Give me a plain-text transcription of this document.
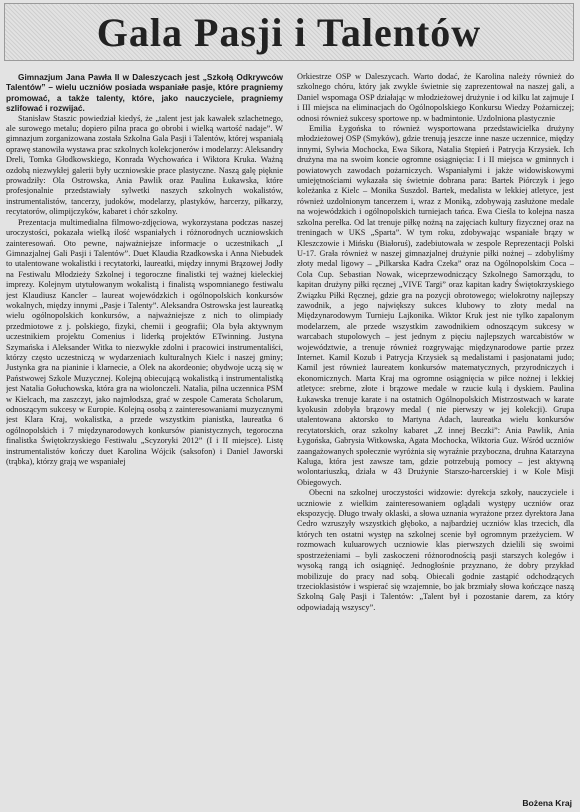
Gala Pasji i Talentów

Gimnazjum Jana Pawła II w Daleszycach jest „Szkołą Odkrywców Talentów” – wielu uczniów posiada wspaniałe pasje, które pragniemy promować, a także talenty, które, jako nauczyciele, pragniemy szlifować i rozwijać.

Stanisław Staszic powiedział kiedyś, że „talent jest jak kawałek szlachetnego, ale surowego metalu; dopiero pilna praca go obrobi i wielką wartość nadaje”. W gimnazjum zorganizowana została Szkolna Gala Pasji i Talentów, której wspaniałą oprawę stanowiła wystawa prac szkolnych kolekcjonerów i modelarzy: Aleksandry Dreli, Tomka Głodkowskiego, Konrada Wychowańca i Wiktora Kruka. Ważną ozdobą niezwykłej galerii były uczniowskie prace plastyczne. Naszą galę pięknie prowadziły: Ola Ostrowska, Ania Pawlik oraz Paulina Łukawska, które profesjonalnie przedstawiały sylwetki naszych szkolnych wokalistów, instrumentalistów, tancerzy, judoków, modelarzy, plastyków, harcerzy, piłkarzy, recytatorów, olimpijczyków, kabaret i chór szkolny.

Prezentacja multimedialna filmowo-zdjęciowa, wykorzystana podczas naszej uroczystości, pokazała wielką ilość wspaniałych i różnorodnych uczniowskich zainteresowań. Oto pewne, najważniejsze informacje o uczestnikach „I Gimnazjalnej Gali Pasji i Talentów”. Duet Klaudia Rzadkowska i Anna Niebudek to utalentowane wokalistki i recytatorki, laureatki, między innymi Brązowej Jodły na Festiwalu Młodzieży Szkolnej i tegoroczne finalistki tej ważnej kieleckiej imprezy. Kolejnym utytułowanym wokalistą i finalistą wspomnianego festiwalu jest Klaudiusz Kancler – laureat wojewódzkich i ogólnopolskich konkursów wokalnych, między innymi „Pasje i Talenty”. Aleksandra Ostrowska jest laureatką wielu ogólnopolskich konkursów, a najważniejsze z nich to olimpiady przedmiotowe z j. polskiego, fizyki, chemii i geografii; Ola była aktywnym uczestnikiem projektu Comenius i liderką projektów ETwinning. Justyna Szymańska i Aleksander Witka to niezwykłe zdolni i pracowici instrumentaliści, którzy często uczestniczą w wydarzeniach kulturalnych Kielc i naszej gminy; Justynka gra na pianinie i klarnecie, a Olek na akordeonie; obydwoje uczą się w Państwowej Szkole Muzycznej. Kolejną obiecującą wokalistką i instrumentalistką jest Natalia Gołuchowska, która gra na wiolonczeli. Natalia, pilna uczennica PSM w Kielcach, ma zaszczyt, jako najmłodsza, grać w zespole Camerata Scholarum, odnoszącym sukcesy w Europie. Kolejną osobą z zainteresowaniami muzycznymi jest Klara Kraj, wokalistka, a przede wszystkim pianistka, laureatka 6 ogólnopolskich i 7 międzynarodowych konkursów pianistycznych, tegoroczna finalistka Świętokrzyskiego Festiwalu „Scyzoryki 2012” (I i II miejsce). Listę instrumentalistów kończy duet Karolina Wójcik (saksofon) i Daniel Jaworski (trąbka), którzy grają we wspaniałej

Orkiestrze OSP w Daleszycach. Warto dodać, że Karolina należy również do szkolnego chóru, który jak zwykle świetnie się zaprezentował na naszej gali, a Daniel wspomaga OSP działając w młodzieżowej drużynie i od kilku lat zajmuje I i III miejsca na eliminacjach do Ogólnopolskiego Konkursu Wiedzy Pożarniczej; odnosi również sukcesy sportowe np. w badmintonie. Uzdolniona plastycznie

Emilia Łygońska to również wysportowana przedstawicielka drużyny młodzieżowej OSP (Smyków), gdzie trenują jeszcze inne nasze uczennice, między innymi, Sylwia Mochocka, Ewa Sikora, Natalia Stępień i Patrycja Krzysiek. Ich drużyna ma na swoim koncie ogromne osiągnięcia: I i II miejsca w gminnych i powiatowych zawodach pożarniczych. Wspaniałymi i jakże widowiskowymi umiejętnościami wykazała się świetnie dobrana para: Bartek Piórczyk i jego koleżanka z Kielc – Monika Suszdol. Bartek, medalista w lekkiej atletyce, jest również uzdolnionym tancerzem i, wraz z Moniką, zdobywają zasłużone medale na wojewódzkich i ogólnopolskich turniejach tańca. Ewa Cieśla to kolejna nasza szkolna perełka. Od lat trenuje piłkę nożną na zajęciach kultury fizycznej oraz na treningach w UKS „Sparta”. W tym roku, zdobywając wspaniałe brązy w Kleszczowie i Mińsku (Białoruś), zadebiutowała w zespole Reprezentacji Polski U-17. Grała również w naszej gimnazjalnej drużynie piłki nożnej – zdobyliśmy złoty medal ligowy – „Pilkarska Kadra Czeka” oraz na Ogólnopolskim Coca – Cola Cup. Sebastian Nowak, wiceprzewodniczący Szkolnego Samorządu, to kapitan drużyny piłki ręcznej „VIVE Targi” oraz kapitan kadry Świętokrzyskiego Związku Piłki Ręcznej, gdzie gra na pozycji obrotowego; wielokrotny najlepszy zawodnik, a jego największy sukces klubowy to złoty medal na Międzynarodowym Turnieju Lajkonika. Wiktor Kruk jest nie tylko zapalonym modelarzem, ale przede wszystkim zawodnikiem odnoszącym sukcesy w warcabach stupolowych – jest jednym z pięciu najlepszych warcabistów w województwie, a trenuje również rozgrywając międzynarodowe partie przez Internet. Kamil Kozub i Patrycja Krzysiek są medalistami i pasjonatami judo; Kamil jest również laureatem konkursów matematycznych, przyrodniczych i ekonomicznych. Marta Kraj ma ogromne osiągnięcia w piłce nożnej i lekkiej atletyce: srebrne, złote i brązowe medale w rzucie kulą i dyskiem. Paulina Łukawska trenuje karate i na ostatnich Ogólnopolskich Mistrzostwach w karate kyokusin zdobyła brązowy medal ( nie pierwszy w jej kolekcji). Grupa utalentowana aktorsko to Martyna Adach, laureatka wielu konkursów recytatorskich, oraz szkolny kabaret „Z innej Beczki”: Ania Pawlik, Ania Łygońska, Gabrysia Witkowska, Agata Mochocka, Wiktoria Guz. Wśród uczniów zaangażowanych społecznie wyróżnia się wyraźnie przybocznа, druhna Katarzyna Kaluga, która jest zawsze tam, gdzie potrzebują pomocy – jest aktywną wolontariuszką, działa w 43 Drużynie Starszo-harcerskiej i w Kole Misji Obiegowych.

Obecni na szkolnej uroczystości widzowie: dyrekcja szkoły, nauczyciele i uczniowie z wielkim zainteresowaniem oglądali występy uczniów oraz ekspozycję. Długo trwały oklaski, a słowa uznania wyrażone przez dyrektora Jana Cedro wzruszyły wszystkich głęboko, a najbardziej uczniów klas trzecich, dla których ten ostatni występ na szkolnej scenie był ogromnym przeżyciem. W rozmowach kuluarowych uczniowie klas pierwszych dzielili się swoimi spostrzeżeniami – byli zaskoczeni różnorodnością pasji starszych kolegów i wysoką rangą ich osiągnięć. Jednogłośnie przyznano, że dobry przykład mobilizuje do pracy nad sobą. Obiecali godnie zastąpić odchodzących trzecioklasistów i wspierać się wzajemnie, bo jak brzmiały słowa kończące naszą Szkolną Galę Pasji i Talentów: „Talent był i pozostanie darem, za który odpowiadają wszyscy”.

Bożena Kraj
